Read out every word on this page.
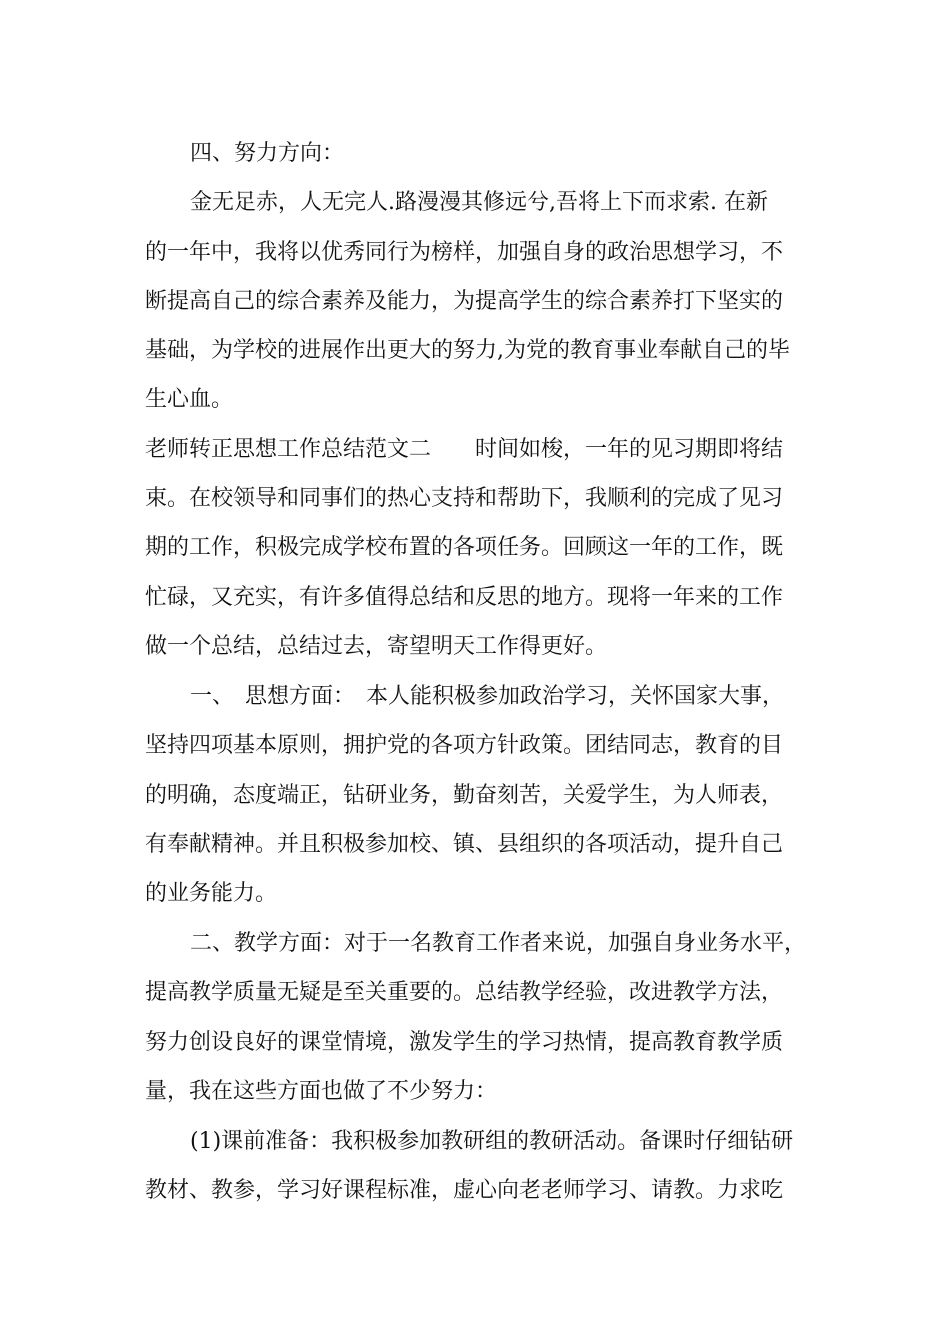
四、努力方向：
金无足赤，人无完人.路漫漫其修远兮,吾将上下而求索. 在新
的一年中，我将以优秀同行为榜样，加强自身的政治思想学习，不
断提高自己的综合素养及能力，为提高学生的综合素养打下坚实的
基础，为学校的进展作出更大的努力,为党的教育事业奉献自己的毕
生心血。
老师转正思想工作总结范文二　　时间如梭，一年的见习期即将结
束。在校领导和同事们的热心支持和帮助下，我顺利的完成了见习
期的工作，积极完成学校布置的各项任务。回顾这一年的工作，既
忙碌，又充实，有许多值得总结和反思的地方。现将一年来的工作
做一个总结，总结过去，寄望明天工作得更好。
一、　思想方面：　本人能积极参加政治学习，关怀国家大事，
坚持四项基本原则，拥护党的各项方针政策。团结同志，教育的目
的明确，态度端正，钻研业务，勤奋刻苦，关爱学生，为人师表，
有奉献精神。并且积极参加校、镇、县组织的各项活动，提升自己
的业务能力。
二、教学方面：对于一名教育工作者来说，加强自身业务水平，
提高教学质量无疑是至关重要的。总结教学经验，改进教学方法，
努力创设良好的课堂情境，激发学生的学习热情，提高教育教学质
量，我在这些方面也做了不少努力：
(1)课前准备：我积极参加教研组的教研活动。备课时仔细钻研
教材、教参，学习好课程标准，虚心向老老师学习、请教。力求吃
